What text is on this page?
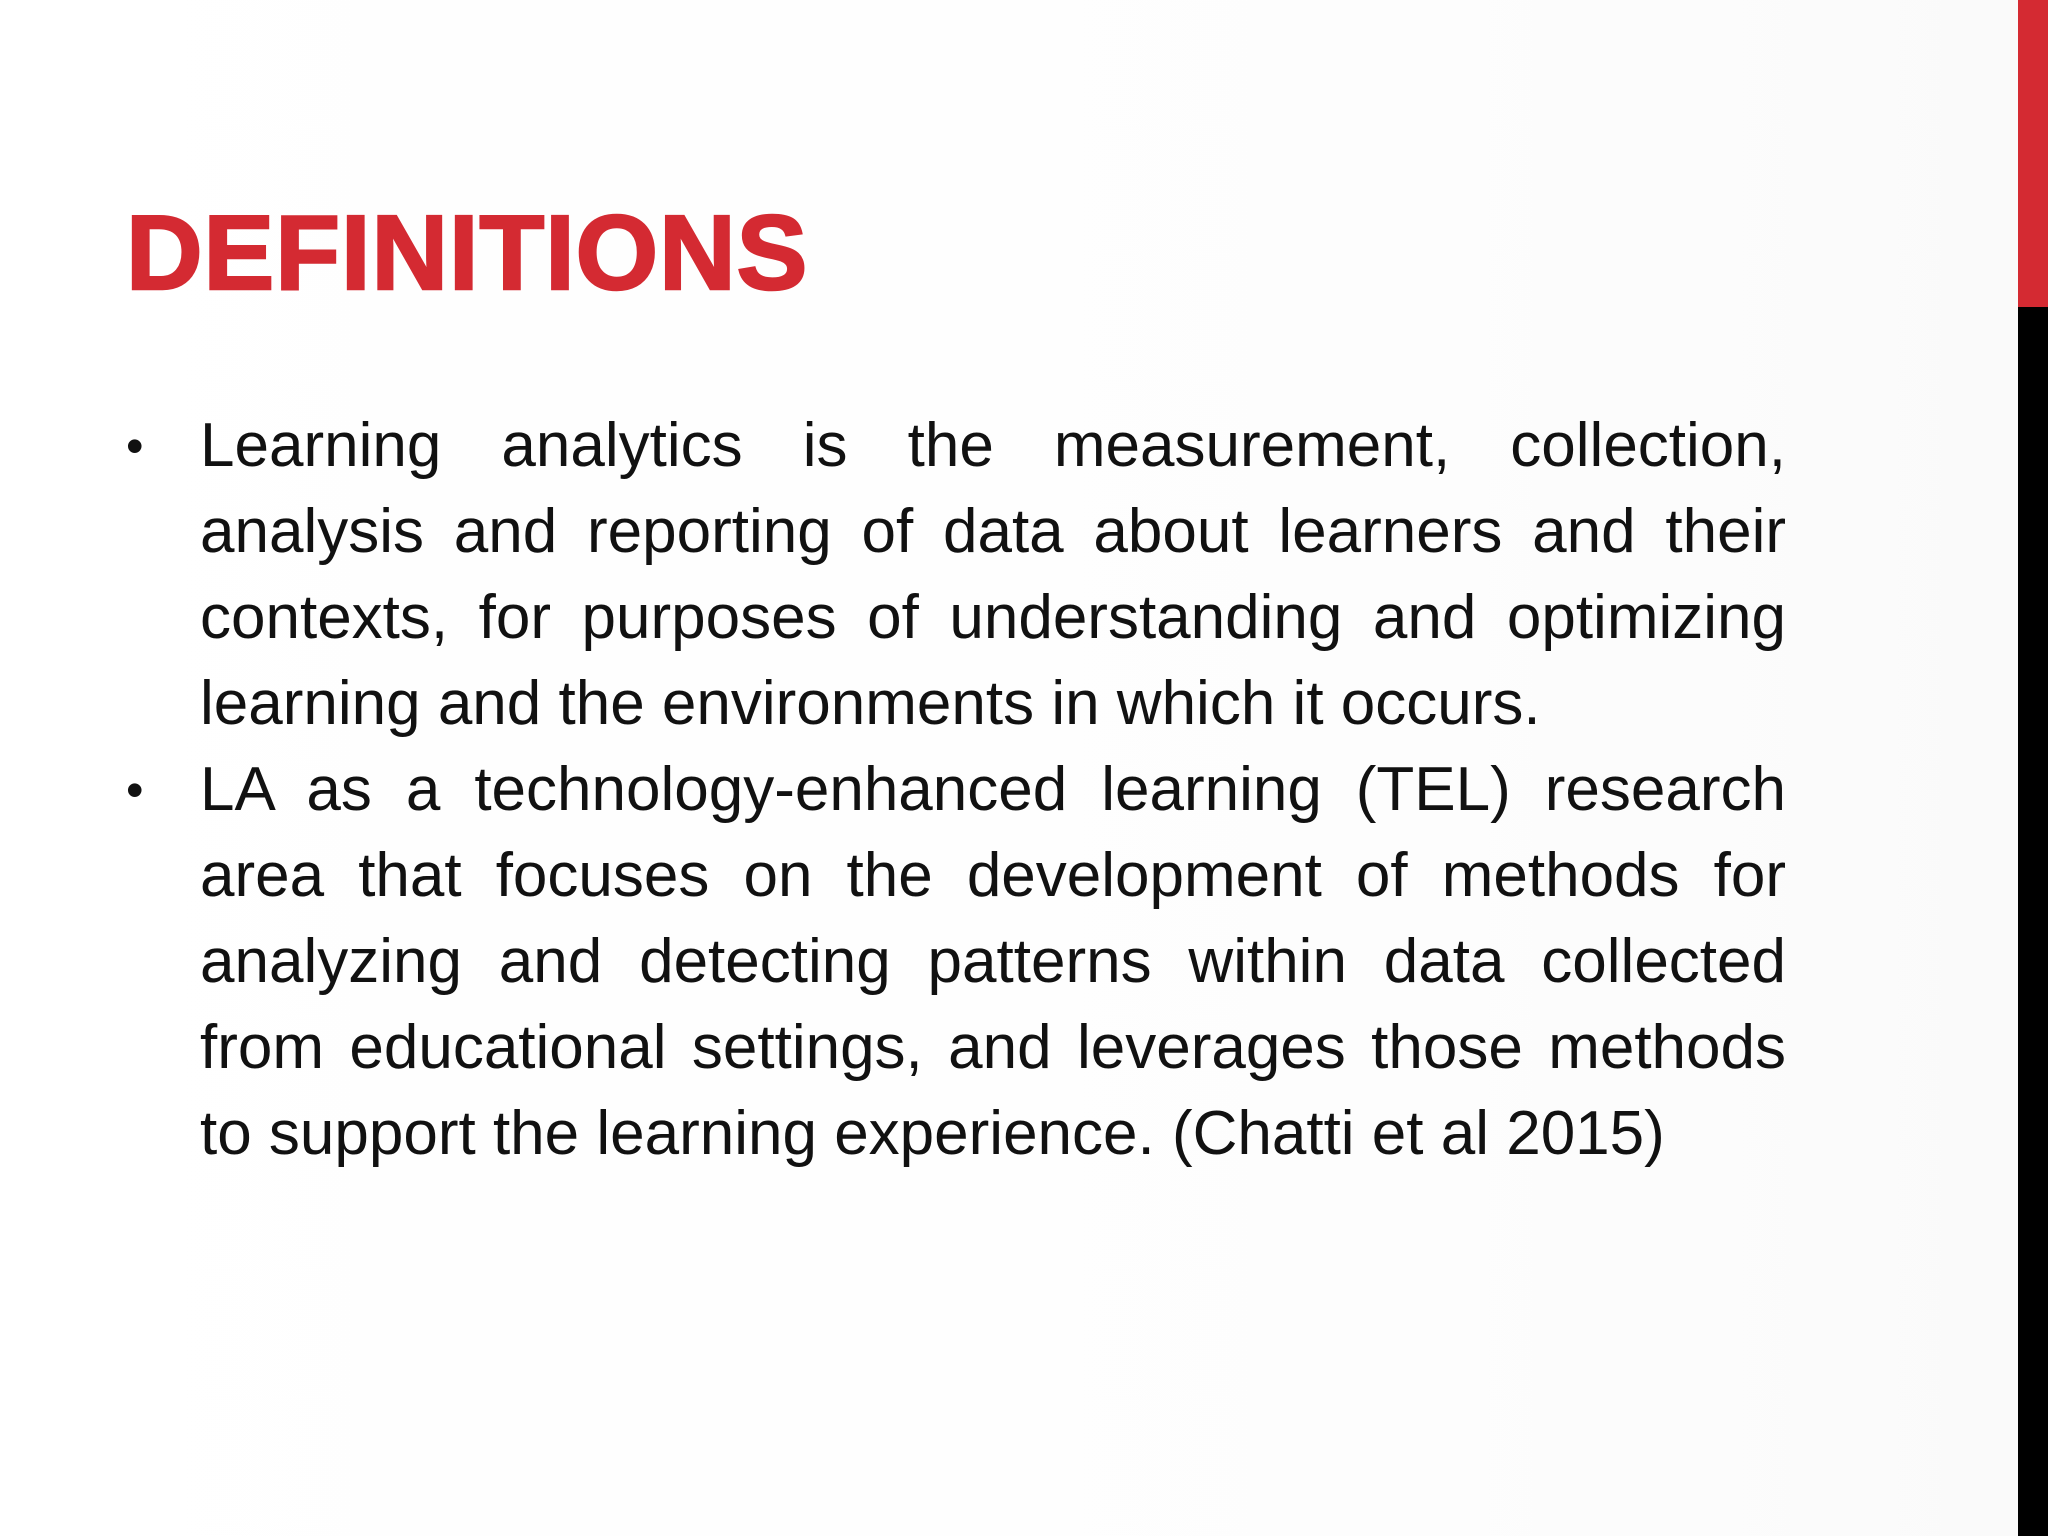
DEFINITIONS
• Learning analytics is the measurement, collection, analysis and reporting of data about learners and their contexts, for purposes of understanding and optimizing learning and the environments in which it occurs.
• LA as a technology-enhanced learning (TEL) research area that focuses on the development of methods for analyzing and detecting patterns within data collected from educational settings, and leverages those methods to support the learning experience. (Chatti et al 2015)
